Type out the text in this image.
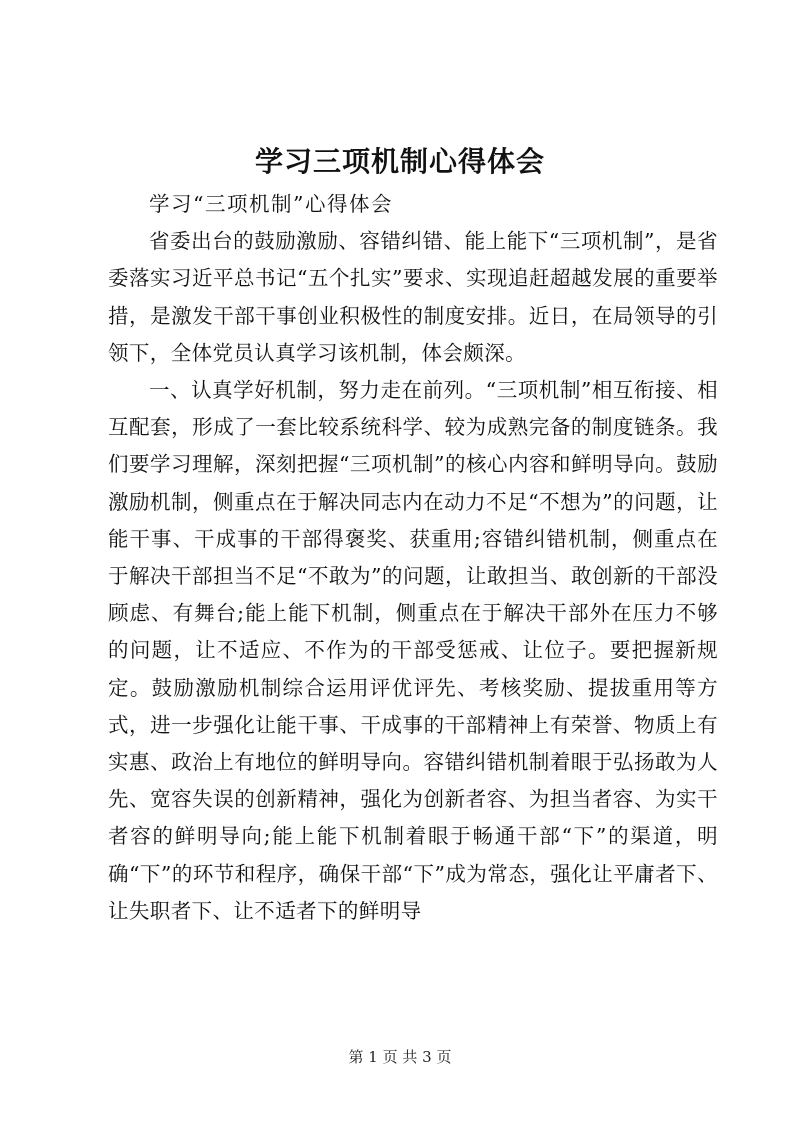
学习三项机制心得体会

学习“三项机制”心得体会

省委出台的鼓励激励、容错纠错、能上能下“三项机制”，是省委落实习近平总书记“五个扎实”要求、实现追赶超越发展的重要举措，是激发干部干事创业积极性的制度安排。近日，在局领导的引领下，全体党员认真学习该机制，体会颇深。

一、认真学好机制，努力走在前列。“三项机制”相互衔接、相互配套，形成了一套比较系统科学、较为成熟完备的制度链条。我们要学习理解，深刻把握“三项机制”的核心内容和鲜明导向。鼓励激励机制，侧重点在于解决同志内在动力不足“不想为”的问题，让能干事、干成事的干部得褒奖、获重用;容错纠错机制，侧重点在于解决干部担当不足“不敢为”的问题，让敢担当、敢创新的干部没顾虑、有舞台;能上能下机制，侧重点在于解决干部外在压力不够的问题，让不适应、不作为的干部受惩戒、让位子。要把握新规定。鼓励激励机制综合运用评优评先、考核奖励、提拔重用等方式，进一步强化让能干事、干成事的干部精神上有荣誉、物质上有实惠、政治上有地位的鲜明导向。容错纠错机制着眼于弘扬敢为人先、宽容失误的创新精神，强化为创新者容、为担当者容、为实干者容的鲜明导向;能上能下机制着眼于畅通干部“下”的渠道，明确“下”的环节和程序，确保干部“下”成为常态，强化让平庸者下、让失职者下、让不适者下的鲜明导

第 1 页 共 3 页
